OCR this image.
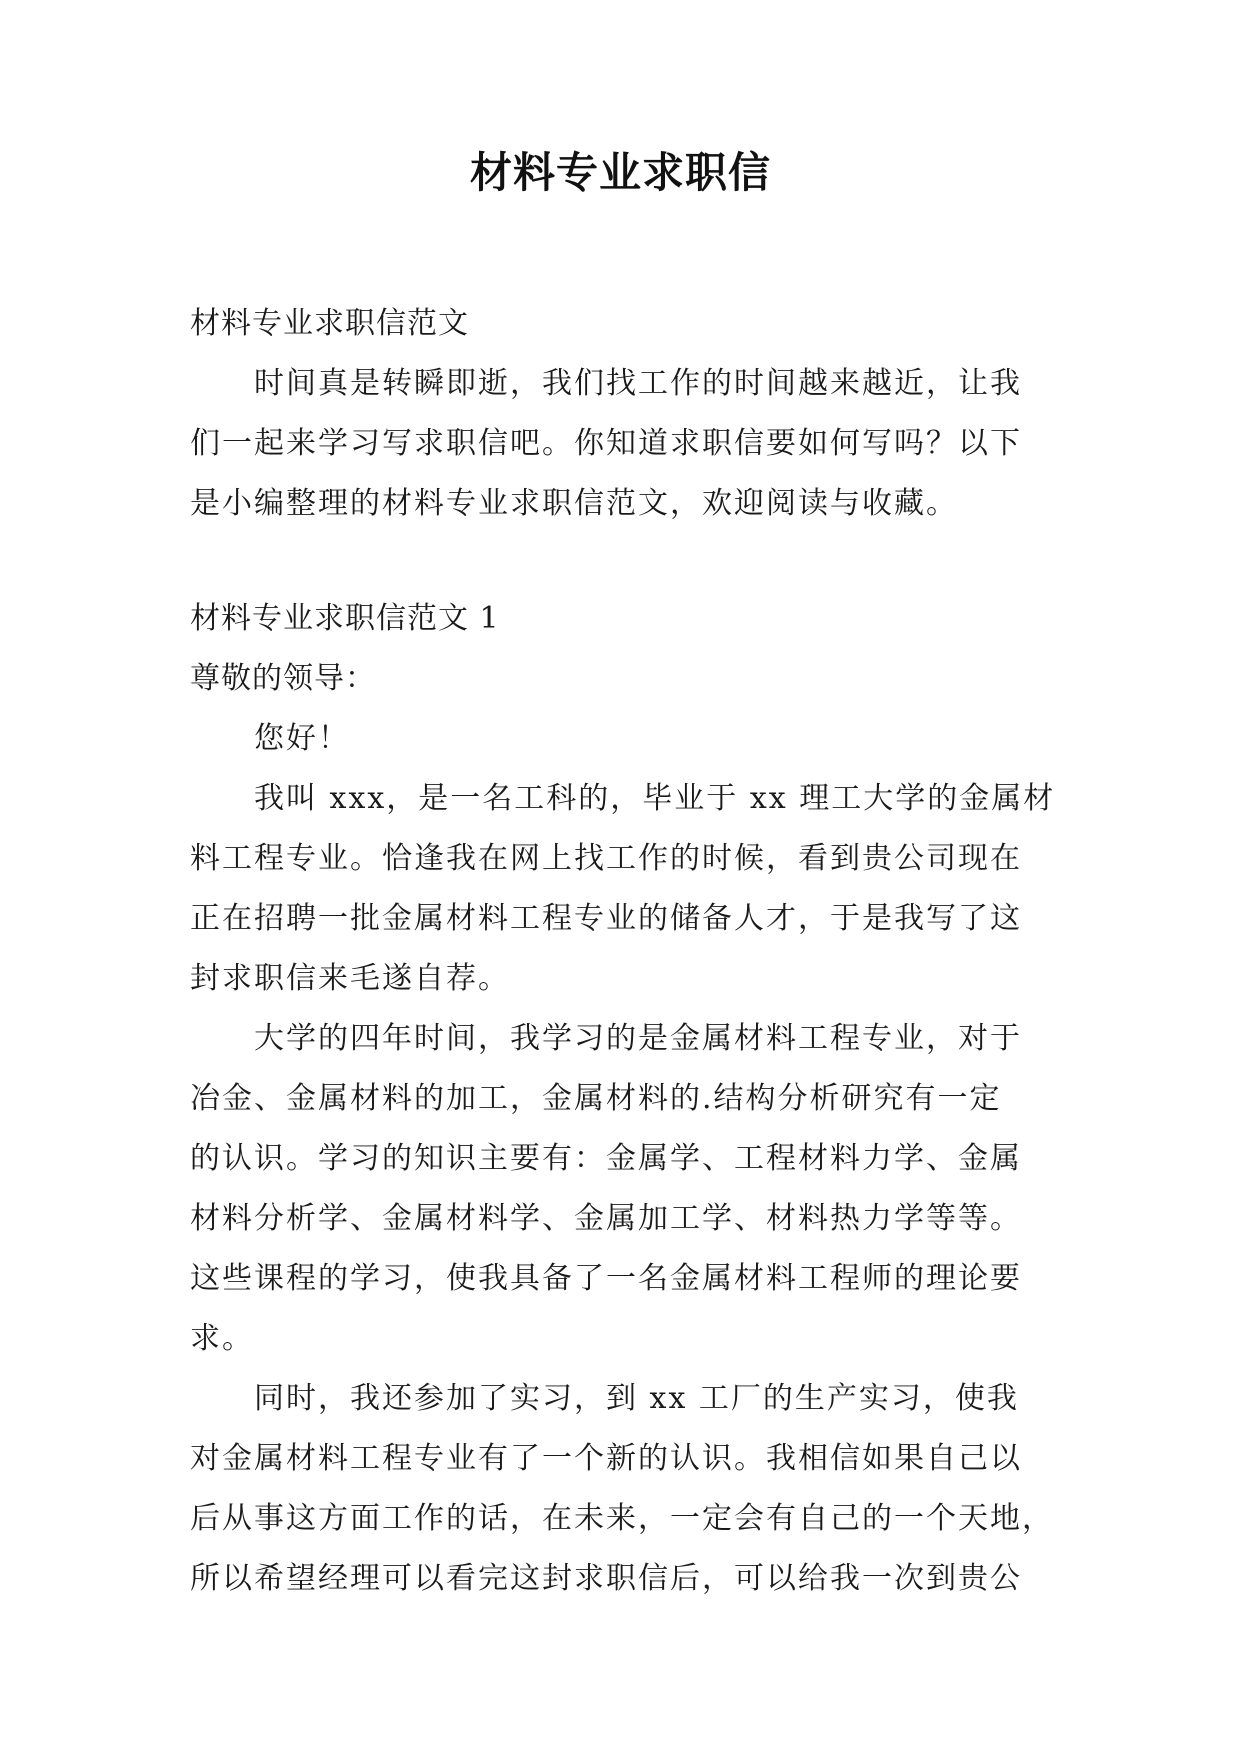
材料专业求职信
材料专业求职信范文
时间真是转瞬即逝，我们找工作的时间越来越近，让我
们一起来学习写求职信吧。你知道求职信要如何写吗？以下
是小编整理的材料专业求职信范文，欢迎阅读与收藏。
材料专业求职信范文 1
尊敬的领导：
您好！
我叫 xxx，是一名工科的，毕业于 xx 理工大学的金属材
料工程专业。恰逢我在网上找工作的时候，看到贵公司现在
正在招聘一批金属材料工程专业的储备人才，于是我写了这
封求职信来毛遂自荐。
大学的四年时间，我学习的是金属材料工程专业，对于
冶金、金属材料的加工，金属材料的.结构分析研究有一定
的认识。学习的知识主要有：金属学、工程材料力学、金属
材料分析学、金属材料学、金属加工学、材料热力学等等。
这些课程的学习，使我具备了一名金属材料工程师的理论要
求。
同时，我还参加了实习，到 xx 工厂的生产实习，使我
对金属材料工程专业有了一个新的认识。我相信如果自己以
后从事这方面工作的话，在未来，一定会有自己的一个天地，
所以希望经理可以看完这封求职信后，可以给我一次到贵公
